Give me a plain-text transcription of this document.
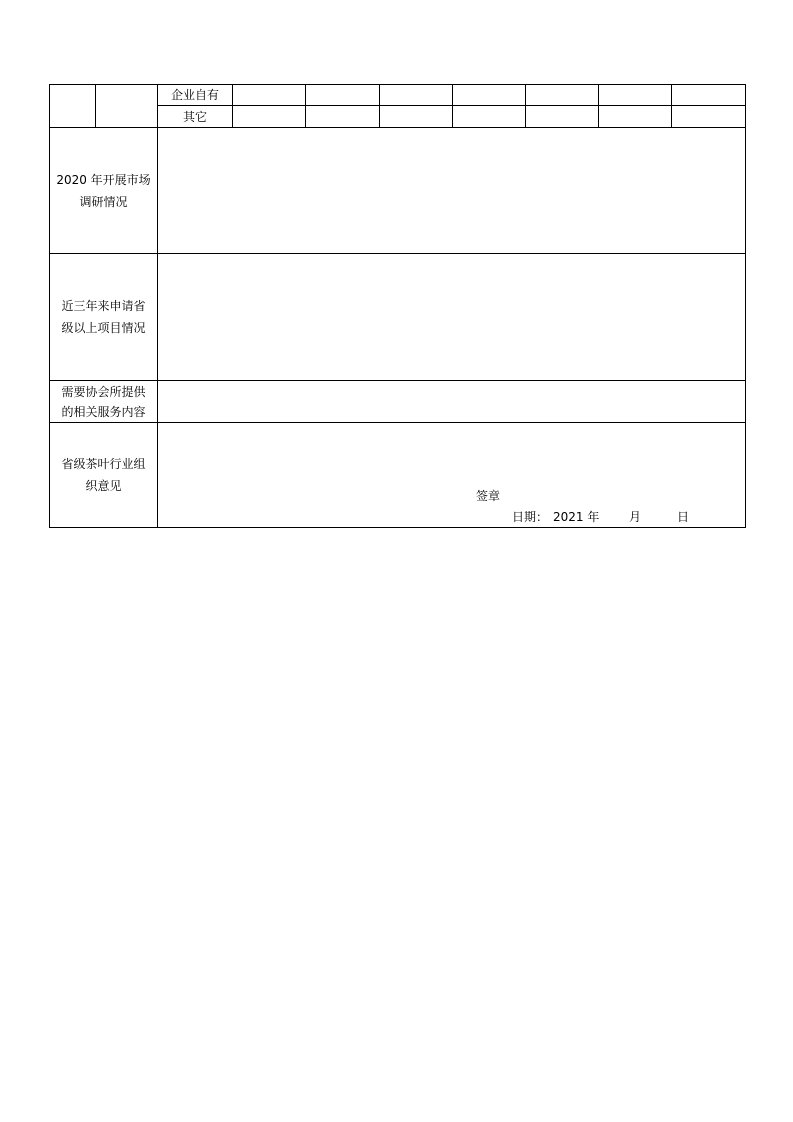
企业自有
其它
2020 年开展市场
调研情况
近三年来申请省
级以上项目情况
需要协会所提供
的相关服务内容
省级茶叶行业组
织意见
签章
日期： 2021 年 月	日
